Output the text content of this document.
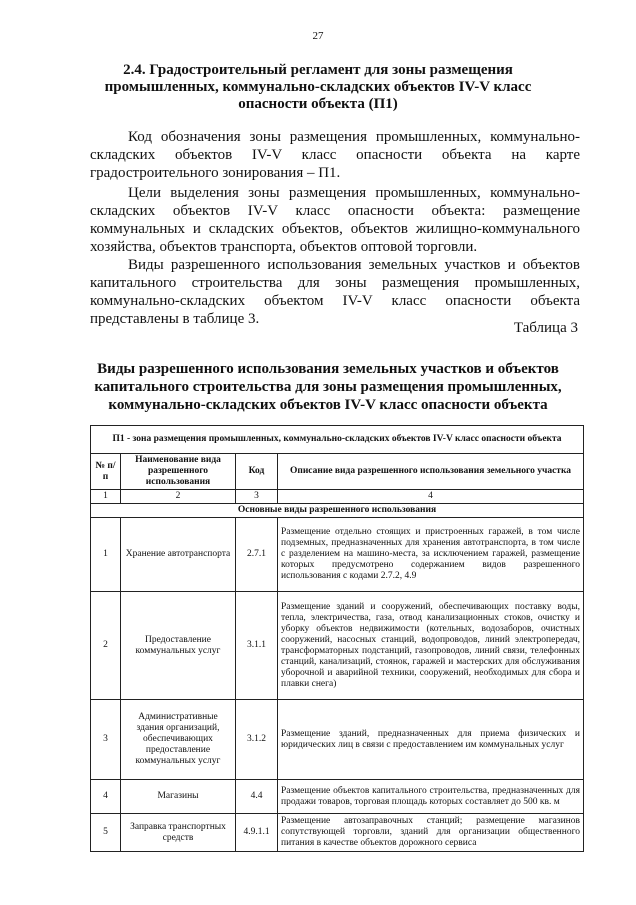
27
2.4. Градостроительный регламент для зоны размещения промышленных, коммунально-складских объектов IV-V класс опасности объекта (П1)

Код обозначения зоны размещения промышленных, коммунально-складских объектов IV-V класс опасности объекта на карте градостроительного зонирования – П1.

Цели выделения зоны размещения промышленных, коммунально-складских объектов IV-V класс опасности объекта: размещение коммунальных и складских объектов, объектов жилищно-коммунального хозяйства, объектов транспорта, объектов оптовой торговли.

Виды разрешенного использования земельных участков и объектов капитального строительства для зоны размещения промышленных, коммунально-складских объектом IV-V класс опасности объекта представлены в таблице 3.

Таблица 3
Виды разрешенного использования земельных участков и объектов капитального строительства для зоны размещения промышленных, коммунально-складских объектов IV-V класс опасности объекта
П1 - зона размещения промышленных, коммунально-складских объектов IV-V класс опасности объекта			
№ п/п	Наименование вида разрешенного использования	Код	Описание вида разрешенного использования земельного участка
1	2	3	4
Основные виды разрешенного использования			
1	Хранение автотранспорта	2.7.1	Размещение отдельно стоящих и пристроенных гаражей, в том числе подземных, предназначенных для хранения автотранспорта, в том числе с разделением на машино-места, за исключением гаражей, размещение которых предусмотрено содержанием видов разрешенного использования с кодами 2.7.2, 4.9
2	Предоставление коммунальных услуг	3.1.1	Размещение зданий и сооружений, обеспечивающих поставку воды, тепла, электричества, газа, отвод канализационных стоков, очистку и уборку объектов недвижимости (котельных, водозаборов, очистных сооружений, насосных станций, водопроводов, линий электропередач, трансформаторных подстанций, газопроводов, линий связи, телефонных станций, канализаций, стоянок, гаражей и мастерских для обслуживания уборочной и аварийной техники, сооружений, необходимых для сбора и плавки снега)
3	Административные здания организаций, обеспечивающих предоставление коммунальных услуг	3.1.2	Размещение зданий, предназначенных для приема физических и юридических лиц в связи с предоставлением им коммунальных услуг
4	Магазины	4.4	Размещение объектов капитального строительства, предназначенных для продажи товаров, торговая площадь которых составляет до 500 кв. м
5	Заправка транспортных средств	4.9.1.1	Размещение автозаправочных станций; размещение магазинов сопутствующей торговли, зданий для организации общественного питания в качестве объектов дорожного сервиса
